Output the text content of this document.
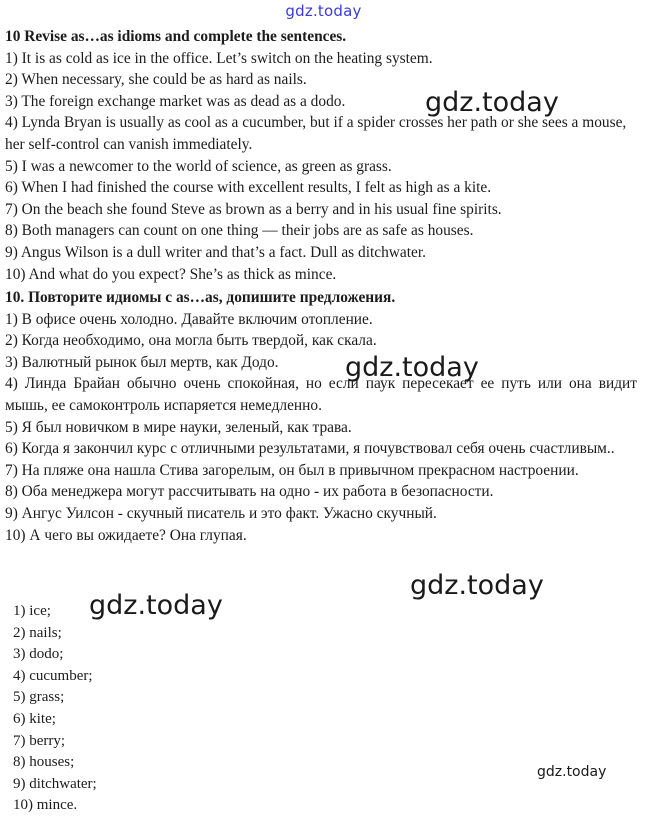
gdz.today

10 Revise as…as idioms and complete the sentences.

1) It is as cold as ice in the office. Let’s switch on the heating system.

2) When necessary, she could be as hard as nails.

3) The foreign exchange market was as dead as a dodo.

4) Lynda Bryan is usually as cool as a cucumber, but if a spider crosses her path or she sees a mouse, her self-control can vanish immediately.

5) I was a newcomer to the world of science, as green as grass.

6) When I had finished the course with excellent results, I felt as high as a kite.

7) On the beach she found Steve as brown as a berry and in his usual fine spirits.

8) Both managers can count on one thing — their jobs are as safe as houses.

9) Angus Wilson is a dull writer and that’s a fact. Dull as ditchwater.

10) And what do you expect? She’s as thick as mince.

10. Повторите идиомы с as…as, допишите предложения.

1) В офисе очень холодно. Давайте включим отопление.

2) Когда необходимо, она могла быть твердой, как скала.

3) Валютный рынок был мертв, как Додо.

4) Линда Брайан обычно очень спокойная, но если паук пересекает ее путь или она видит мышь, ее самоконтроль испаряется немедленно.

5) Я был новичком в мире науки, зеленый, как трава.

6) Когда я закончил курс с отличными результатами, я почувствовал себя очень счастливым..

7) На пляже она нашла Стива загорелым, он был в привычном прекрасном настроении.

8) Оба менеджера могут рассчитывать на одно - их работа в безопасности.

9) Ангус Уилсон - скучный писатель и это факт. Ужасно скучный.

10) А чего вы ожидаете? Она глупая.

1) ice;

2) nails;

3) dodo;

4) cucumber;

5) grass;

6) kite;

7) berry;

8) houses;

9) ditchwater;

10) mince.

gdz.today
gdz.today
gdz.today
gdz.today
gdz.today
